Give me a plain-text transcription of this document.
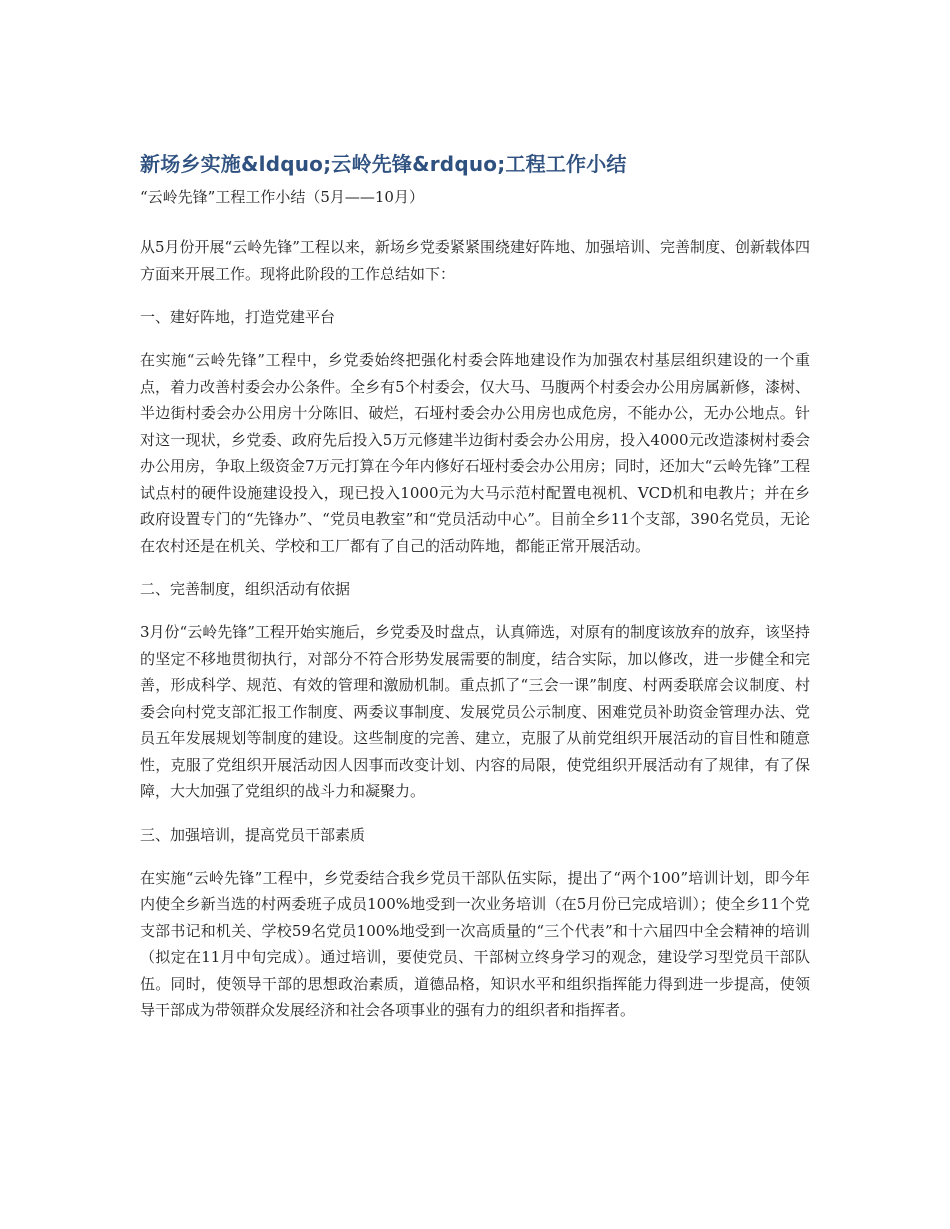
新场乡实施&ldquo;云岭先锋&rdquo;工程工作小结

“云岭先锋”工程工作小结（5月——10月）

从5月份开展“云岭先锋”工程以来，新场乡党委紧紧围绕建好阵地、加强培训、完善制度、创新载体四方面来开展工作。现将此阶段的工作总结如下：

一、建好阵地，打造党建平台

在实施“云岭先锋”工程中，乡党委始终把强化村委会阵地建设作为加强农村基层组织建设的一个重点，着力改善村委会办公条件。全乡有5个村委会，仅大马、马腹两个村委会办公用房属新修，漆树、半边街村委会办公用房十分陈旧、破烂，石垭村委会办公用房也成危房，不能办公，无办公地点。针对这一现状，乡党委、政府先后投入5万元修建半边街村委会办公用房，投入4000元改造漆树村委会办公用房，争取上级资金7万元打算在今年内修好石垭村委会办公用房；同时，还加大“云岭先锋”工程试点村的硬件设施建设投入，现已投入1000元为大马示范村配置电视机、VCD机和电教片；并在乡政府设置专门的“先锋办”、“党员电教室”和“党员活动中心”。目前全乡11个支部，390名党员，无论在农村还是在机关、学校和工厂都有了自己的活动阵地，都能正常开展活动。

二、完善制度，组织活动有依据

3月份“云岭先锋”工程开始实施后，乡党委及时盘点，认真筛选，对原有的制度该放弃的放弃，该坚持的坚定不移地贯彻执行，对部分不符合形势发展需要的制度，结合实际，加以修改，进一步健全和完善，形成科学、规范、有效的管理和激励机制。重点抓了“三会一课”制度、村两委联席会议制度、村委会向村党支部汇报工作制度、两委议事制度、发展党员公示制度、困难党员补助资金管理办法、党员五年发展规划等制度的建设。这些制度的完善、建立，克服了从前党组织开展活动的盲目性和随意性，克服了党组织开展活动因人因事而改变计划、内容的局限，使党组织开展活动有了规律，有了保障，大大加强了党组织的战斗力和凝聚力。

三、加强培训，提高党员干部素质

在实施“云岭先锋”工程中，乡党委结合我乡党员干部队伍实际，提出了“两个100”培训计划，即今年内使全乡新当选的村两委班子成员100%地受到一次业务培训（在5月份已完成培训）；使全乡11个党支部书记和机关、学校59名党员100%地受到一次高质量的“三个代表”和十六届四中全会精神的培训（拟定在11月中旬完成）。通过培训，要使党员、干部树立终身学习的观念，建设学习型党员干部队伍。同时，使领导干部的思想政治素质，道德品格，知识水平和组织指挥能力得到进一步提高，使领导干部成为带领群众发展经济和社会各项事业的强有力的组织者和指挥者。
